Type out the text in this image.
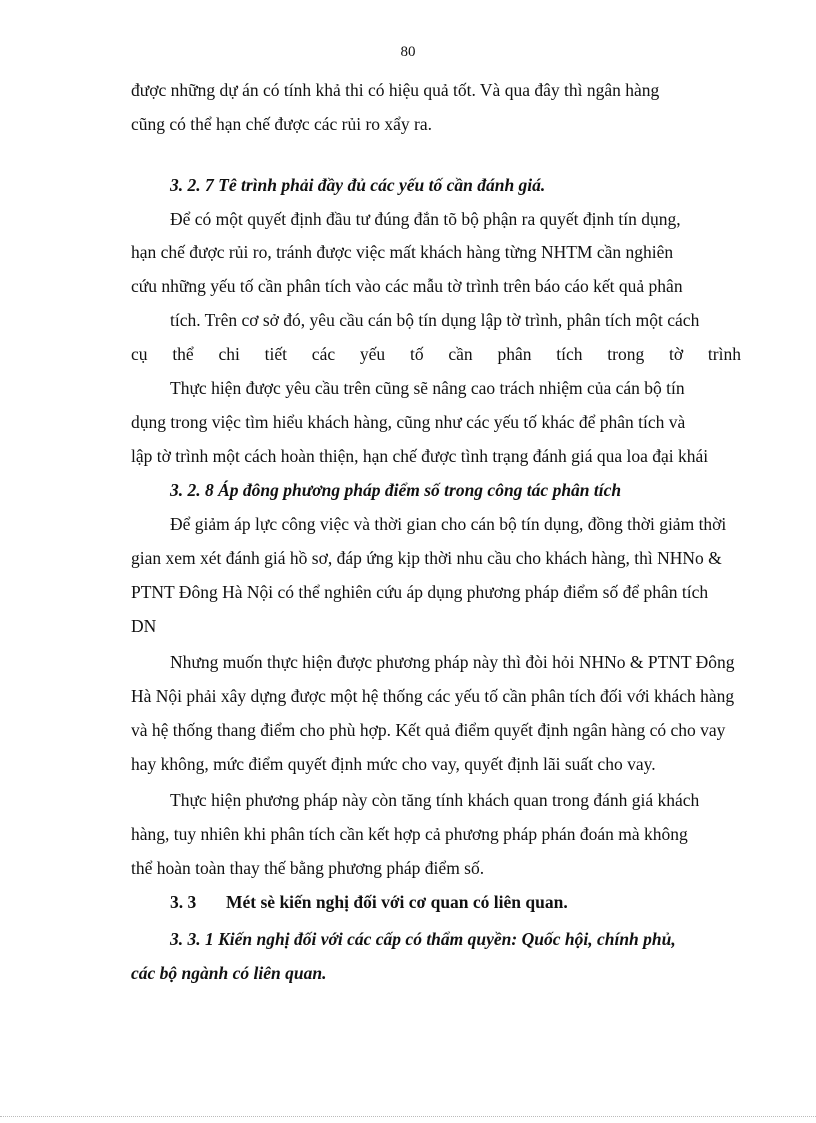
80
được những dự án có tính khả thi có hiệu quả tốt. Và qua đây thì ngân hàng
cũng có thể hạn chế được các rủi ro xẩy ra.
3. 2. 7 Tê trình phải đầy đủ các yếu tố cần đánh giá.
Để có một quyết định đầu tư đúng đắn tõ bộ phận ra quyết định tín dụng,
hạn chế được rủi ro, tránh được việc mất khách hàng từng NHTM cần nghiên
cứu những yếu tố cần phân tích vào các mẫu tờ trình trên báo cáo kết quả phân
tích. Trên cơ sở đó, yêu cầu cán bộ tín dụng lập tờ trình, phân tích một cách
cụ thể chi tiết các yếu tố cần phân tích trong tờ trình
Thực hiện được yêu cầu trên cũng sẽ nâng cao trách nhiệm của cán bộ tín
dụng trong việc tìm hiểu khách hàng, cũng như các yếu tố khác để phân tích và
lập tờ trình một cách hoàn thiện, hạn chế được tình trạng đánh giá qua loa đại khái
3. 2. 8 Áp đông phương pháp điểm số trong công tác phân tích
Để giảm áp lực công việc và thời gian cho cán bộ tín dụng, đồng thời giảm thời
gian xem xét đánh giá hồ sơ, đáp ứng kịp thời nhu cầu cho khách hàng, thì NHNo &
PTNT Đông Hà Nội có thể nghiên cứu áp dụng phương pháp điểm số để phân tích
DN
Nhưng muốn thực hiện được phương pháp này thì đòi hỏi NHNo & PTNT Đông
Hà Nội phải xây dựng được một hệ thống các yếu tố cần phân tích đối với khách hàng
và hệ thống thang điểm cho phù hợp. Kết quả điểm quyết định ngân hàng có cho vay
hay không, mức điểm quyết định mức cho vay, quyết định lãi suất cho vay.
Thực hiện phương pháp này còn tăng tính khách quan trong đánh giá khách
hàng, tuy nhiên khi phân tích cần kết hợp cả phương pháp phán đoán mà không
thể hoàn toàn thay thế bằng phương pháp điểm số.
3. 3 Mét sè kiến nghị đối với cơ quan có liên quan.
3. 3. 1 Kiến nghị đối với các cấp có thẩm quyền: Quốc hội, chính phủ,
các bộ ngành có liên quan.
